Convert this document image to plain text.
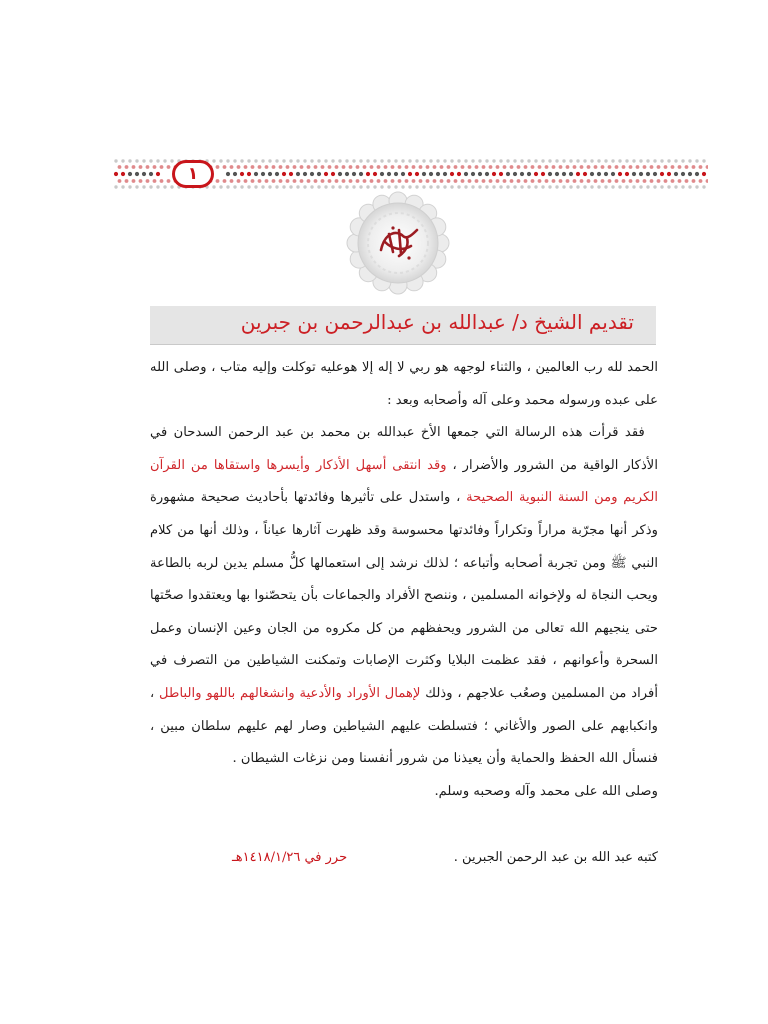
١
تقديم الشيخ د/ عبدالله بن عبدالرحمن بن جبرين

الحمد لله رب العالمين ، والثناء لوجهه هو ربي لا إله إلا هوعليه توكلت وإليه متاب ، وصلى الله على عبده ورسوله محمد وعلى آله وأصحابه وبعد :

 فقد قرأت هذه الرسالة التي جمعها الأخ عبدالله بن محمد بن عبد الرحمن السدحان في الأذكار الواقية من الشرور والأضرار ، وقد انتقى أسهل الأذكار وأيسرها واستقاها من القرآن الكريم ومن السنة النبوية الصحيحة ، واستدل على تأثيرها وفائدتها بأحاديث صحيحة مشهورة وذكر أنها مجرّبة مراراً وتكراراً وفائدتها محسوسة وقد ظهرت آثارها عياناً ، وذلك أنها من كلام النبي ﷺ ومن تجربة أصحابه وأتباعه ؛ لذلك نرشد إلى استعمالها كلُّ مسلم يدين لربه بالطاعة ويحب النجاة له ولإخوانه المسلمين ، وننصح الأفراد والجماعات بأن يتحصّنوا بها ويعتقدوا صحّتها حتى ينجيهم الله تعالى من الشرور ويحفظهم من كل مكروه من الجان وعين الإنسان وعمل السحرة وأعوانهم ، فقد عظمت البلايا وكثرت الإصابات وتمكنت الشياطين من التصرف في أفراد من المسلمين وصعُب علاجهم ، وذلك لإهمال الأوراد والأدعية وانشغالهم باللهو والباطل ، وانكبابهم على الصور والأغاني ؛ فتسلطت عليهم الشياطين وصار لهم عليهم سلطان مبين ، فنسأل الله الحفظ والحماية وأن يعيذنا من شرور أنفسنا ومن نزغات الشيطان .

وصلى الله على محمد وآله وصحبه وسلم.

كتبه عبد الله بن عبد الرحمن الجبرين .
حرر في ١٤١٨/١/٢٦هـ
